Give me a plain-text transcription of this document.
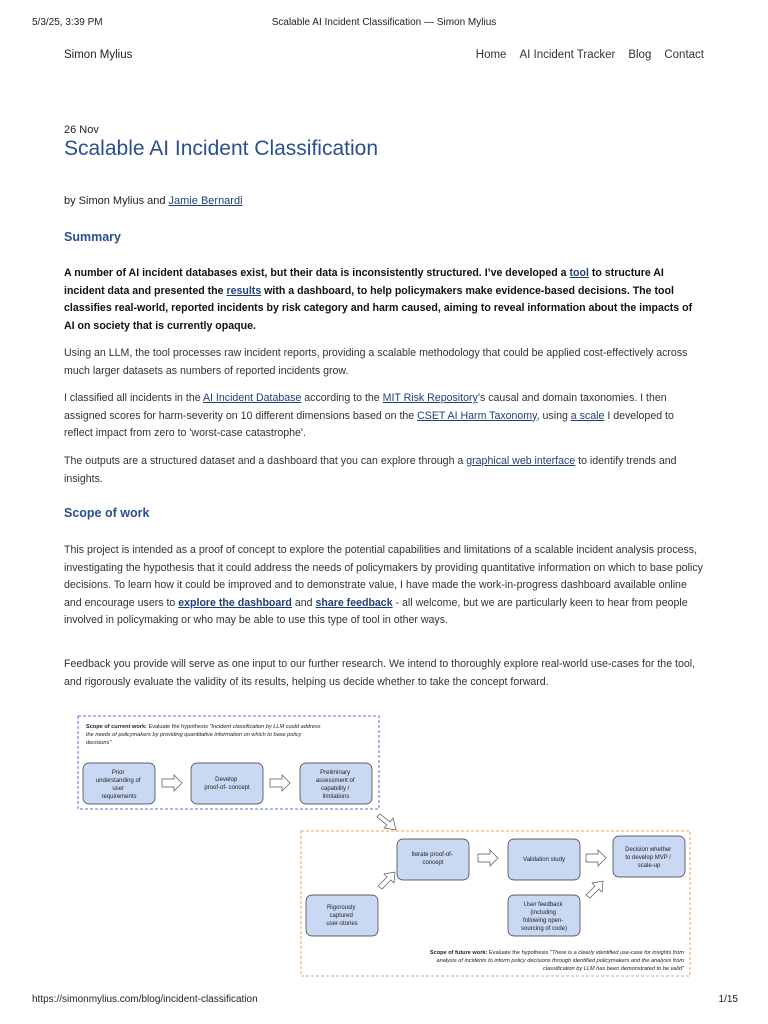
5/3/25, 3:39 PM	Scalable AI Incident Classification — Simon Mylius
Simon Mylius	Home AI Incident Tracker Blog Contact
26 Nov
Scalable AI Incident Classification
by Simon Mylius and Jamie Bernardi
Summary

A number of AI incident databases exist, but their data is inconsistently structured. I’ve developed a tool to structure AI incident data and presented the results with a dashboard, to help policymakers make evidence-based decisions. The tool classifies real-world, reported incidents by risk category and harm caused, aiming to reveal information about the impacts of AI on society that is currently opaque.

Using an LLM, the tool processes raw incident reports, providing a scalable methodology that could be applied cost-effectively across much larger datasets as numbers of reported incidents grow.

I classified all incidents in the AI Incident Database according to the MIT Risk Repository’s causal and domain taxonomies. I then assigned scores for harm-severity on 10 different dimensions based on the CSET AI Harm Taxonomy, using a scale I developed to reflect impact from zero to 'worst-case catastrophe'.

The outputs are a structured dataset and a dashboard that you can explore through a graphical web interface to identify trends and insights.

Scope of work

This project is intended as a proof of concept to explore the potential capabilities and limitations of a scalable incident analysis process, investigating the hypothesis that it could address the needs of policymakers by providing quantitative information on which to base policy decisions. To learn how it could be improved and to demonstrate value, I have made the work-in-progress dashboard available online and encourage users to explore the dashboard and share feedback - all welcome, but we are particularly keen to hear from people involved in policymaking or who may be able to use this type of tool in other ways.

Feedback you provide will serve as one input to our further research. We intend to thoroughly explore real-world use-cases for the tool, and rigorously evaluate the validity of its results, helping us decide whether to take the concept forward.

Scope of current work: Evaluate the hypothesis "Incident classification by LLM could address
the needs of policymakers by providing quantitative information on which to base policy
decisions"
Prior understanding of user requirements
Develop proof-of- concept
Preliminary assessment of capability / limitations
Rigorously captured user-stories
Iterate proof-of- concept	Validation study
Decision whether to develop MVP / scale-up
User feedback (including following open- sourcing of code)
Scope of future work: Evaluate the hypothesis "There is a clearly identified use-case for insights from
analysis of incidents to inform policy decisions through identified policymakers and the analysis from
classification by LLM has been demonstrated to be valid"
https://simonmylius.com/blog/incident-classification	1/15
